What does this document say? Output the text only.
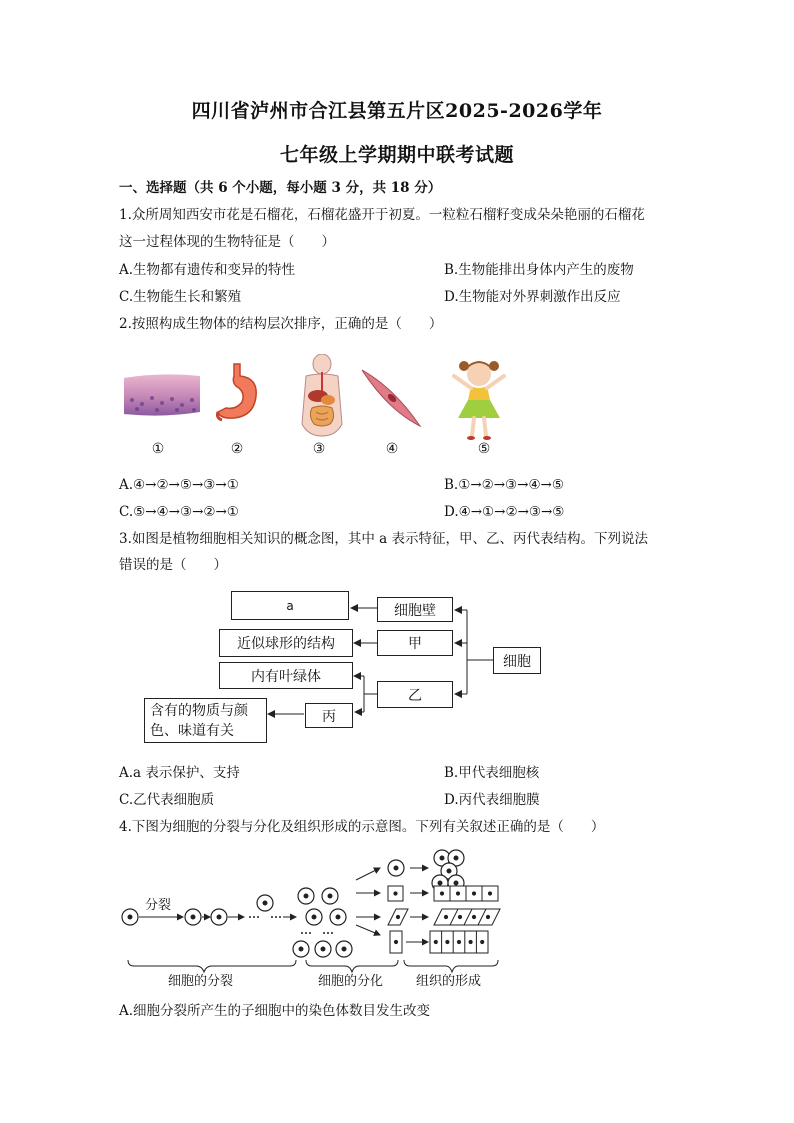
四川省泸州市合江县第五片区2025-2026学年
七年级上学期期中联考试题
一、选择题（共 6 个小题，每小题 3 分，共 18 分）
1.众所周知西安市花是石榴花，石榴花盛开于初夏。一粒粒石榴籽变成朵朵艳丽的石榴花
这一过程体现的生物特征是（　　）
A.生物都有遗传和变异的特性	B.生物能排出身体内产生的废物
C.生物能生长和繁殖	D.生物能对外界刺激作出反应
2.按照构成生物体的结构层次排序，正确的是（　　）
①	②	③	④	⑤
A.④→②→⑤→③→①	B.①→②→③→④→⑤
C.⑤→④→③→②→①	D.④→①→②→③→⑤
3.如图是植物细胞相关知识的概念图，其中 a 表示特征，甲、乙、丙代表结构。下列说法
错误的是（　　）
a	细胞壁
近似球形的结构	甲
细胞
内有叶绿体
乙
含有的物质与颜色、味道有关
丙
A.a 表示保护、支持	B.甲代表细胞核
C.乙代表细胞质	D.丙代表细胞膜
4.下图为细胞的分裂与分化及组织形成的示意图。下列有关叙述正确的是（　　）
分裂
细胞的分裂	细胞的分化	组织的形成
A.细胞分裂所产生的子细胞中的染色体数目发生改变
